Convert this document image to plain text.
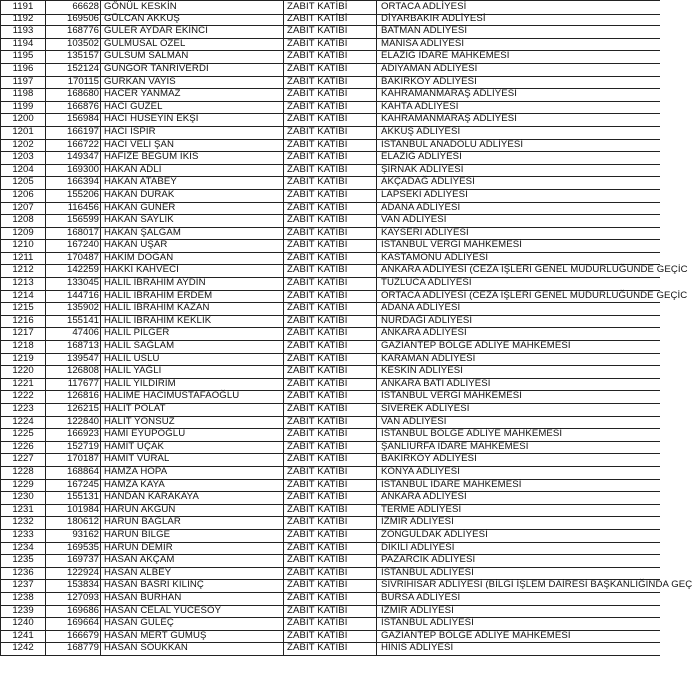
1191	66628 GÖNÜL KESKİN	ZABIT KATİBİ	ORTACA ADLİYESİ
1192	169506 GÜLCAN AKKUŞ	ZABIT KATİBİ	DİYARBAKIR ADLİYESİ
1193	168776 GÜLER AYDAR EKİNCİ	ZABIT KATİBİ	BATMAN ADLİYESİ
1194	103502 GÜLMUSAL ÖZEL	ZABIT KATİBİ	MANİSA ADLİYESİ
1195	135157 GÜLSÜM SALMAN	ZABIT KATİBİ	ELAZIĞ İDARE MAHKEMESİ
1196	152124 GÜNGÖR TANRIVERDİ	ZABIT KATİBİ	ADIYAMAN ADLİYESİ
1197	170115 GÜRKAN VAYIS	ZABIT KATİBİ	BAKIRKÖY ADLİYESİ
1198	168680 HACER YANMAZ	ZABIT KATİBİ	KAHRAMANMARAŞ ADLİYESİ
1199	166876 HACI GÜZEL	ZABIT KATİBİ	KAHTA ADLİYESİ
1200	156984 HACI HÜSEYİN EKŞİ	ZABIT KATİBİ	KAHRAMANMARAŞ ADLİYESİ
1201	166197 HACI İSPİR	ZABIT KATİBİ	AKKUŞ ADLİYESİ
1202	166722 HACI VELİ ŞAN	ZABIT KATİBİ	İSTANBUL ANADOLU ADLİYESİ
1203	149347 HAFİZE BEGÜM İKİS	ZABIT KATİBİ	ELAZIĞ ADLİYESİ
1204	169300 HAKAN ADLI	ZABIT KATİBİ	ŞIRNAK ADLİYESİ
1205	166394 HAKAN ATABEY	ZABIT KATİBİ	AKÇADAĞ ADLİYESİ
1206	155206 HAKAN DURAK	ZABIT KATİBİ	LAPSEKİ ADLİYESİ
1207	116456 HAKAN GÜNER	ZABIT KATİBİ	ADANA ADLİYESİ
1208	156599 HAKAN SAYLIK	ZABIT KATİBİ	VAN ADLİYESİ
1209	168017 HAKAN ŞALGAM	ZABIT KATİBİ	KAYSERİ ADLİYESİ
1210	167240 HAKAN UŞAR	ZABIT KATİBİ	İSTANBUL VERGİ MAHKEMESİ
1211	170487 HAKİM DOĞAN	ZABIT KATİBİ	KASTAMONU ADLİYESİ
1212	142259 HAKKI KAHVECİ	ZABIT KATİBİ	ANKARA ADLİYESİ (CEZA İŞLERİ GENEL MÜDÜRLÜĞÜNDE GEÇİC
1213	133045 HALİL İBRAHİM AYDIN	ZABIT KATİBİ	TUZLUCA ADLİYESİ
1214	144716 HALİL İBRAHİM ERDEM	ZABIT KATİBİ	ORTACA ADLİYESİ (CEZA İŞLERİ GENEL MÜDÜRLÜĞÜNDE GEÇİC
1215	135902 HALİL İBRAHİM KAZAN	ZABIT KATİBİ	ADANA ADLİYESİ
1216	155141 HALİL İBRAHİM KEKLİK	ZABIT KATİBİ	NURDAĞI ADLİYESİ
1217	47406 HALİL PİLGER	ZABIT KATİBİ	ANKARA ADLİYESİ
1218	168713 HALİL SAĞLAM	ZABIT KATİBİ	GAZİANTEP BÖLGE ADLİYE MAHKEMESİ
1219	139547 HALİL USLU	ZABIT KATİBİ	KARAMAN ADLİYESİ
1220	126808 HALİL YAĞLI	ZABIT KATİBİ	KESKİN ADLİYESİ
1221	117677 HALİL YILDIRIM	ZABIT KATİBİ	ANKARA BATI ADLİYESİ
1222	126816 HALİME HACIMUSTAFAOĞLU	ZABIT KATİBİ	İSTANBUL VERGİ MAHKEMESİ
1223	126215 HALİT POLAT	ZABIT KATİBİ	SİVEREK ADLİYESİ
1224	122840 HALİT YONSUZ	ZABIT KATİBİ	VAN ADLİYESİ
1225	166923 HAMİ EYÜPOĞLU	ZABIT KATİBİ	İSTANBUL BÖLGE ADLİYE MAHKEMESİ
1226	152719 HAMİT UÇAK	ZABIT KATİBİ	ŞANLIURFA İDARE MAHKEMESİ
1227	170187 HAMİT VURAL	ZABIT KATİBİ	BAKIRKÖY ADLİYESİ
1228	168864 HAMZA HOPA	ZABIT KATİBİ	KONYA ADLİYESİ
1229	167245 HAMZA KAYA	ZABIT KATİBİ	İSTANBUL İDARE MAHKEMESİ
1230	155131 HANDAN KARAKAYA	ZABIT KATİBİ	ANKARA ADLİYESİ
1231	101984 HARUN AKGÜN	ZABIT KATİBİ	TERME ADLİYESİ
1232	180612 HARUN BAĞLAR	ZABIT KATİBİ	İZMİR ADLİYESİ
1233	93162 HARUN BİLGE	ZABIT KATİBİ	ZONGULDAK ADLİYESİ
1234	169535 HARUN DEMİR	ZABIT KATİBİ	DİKİLİ ADLİYESİ
1235	169737 HASAN AKÇAM	ZABIT KATİBİ	PAZARCIK ADLİYESİ
1236	122924 HASAN ALBEY	ZABIT KATİBİ	İSTANBUL ADLİYESİ
1237	153834 HASAN BASRİ KILINÇ	ZABIT KATİBİ	SİVRİHİSAR ADLİYESİ (BİLGİ İŞLEM DAİRESİ BAŞKANLIĞINDA GEÇ
1238	127093 HASAN BURHAN	ZABIT KATİBİ	BURSA ADLİYESİ
1239	169686 HASAN CELAL YÜCESOY	ZABIT KATİBİ	İZMİR ADLİYESİ
1240	169664 HASAN GÜLEÇ	ZABIT KATİBİ	İSTANBUL ADLİYESİ
1241	166679 HASAN MERT GÜMÜŞ	ZABIT KATİBİ	GAZİANTEP BÖLGE ADLİYE MAHKEMESİ
1242	168779 HASAN SOUKKAN	ZABIT KATİBİ	HINIS ADLİYESİ
